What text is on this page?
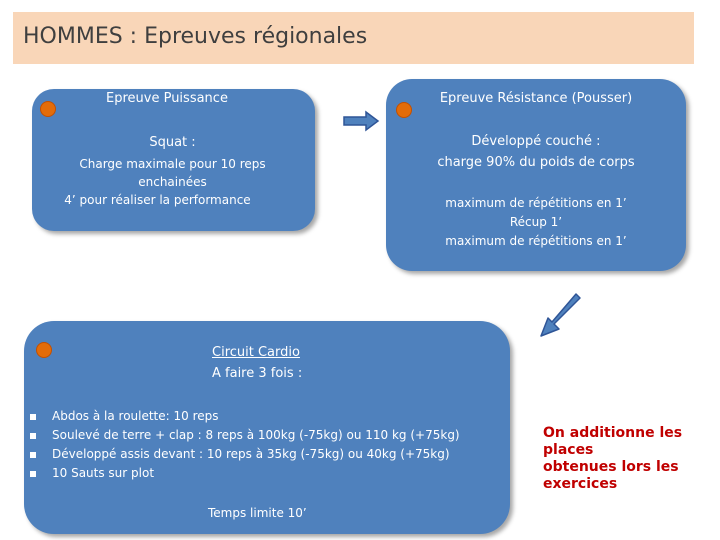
HOMMES : Epreuves régionales
Epreuve Puissance
Squat :
Charge maximale pour 10 reps
enchainées
4’ pour réaliser la performance
Epreuve Résistance (Pousser)
Développé couché :
charge 90% du poids de corps
maximum de répétitions en 1’
Récup 1’
maximum de répétitions en 1’
Circuit Cardio
A faire 3 fois :
Abdos à la roulette: 10 reps
Soulevé de terre + clap : 8 reps à 100kg (-75kg) ou 110 kg (+75kg)
Développé assis devant : 10 reps à 35kg (-75kg) ou 40kg (+75kg)
10 Sauts sur plot
Temps limite 10’
On additionne les
places
obtenues lors les
exercices
